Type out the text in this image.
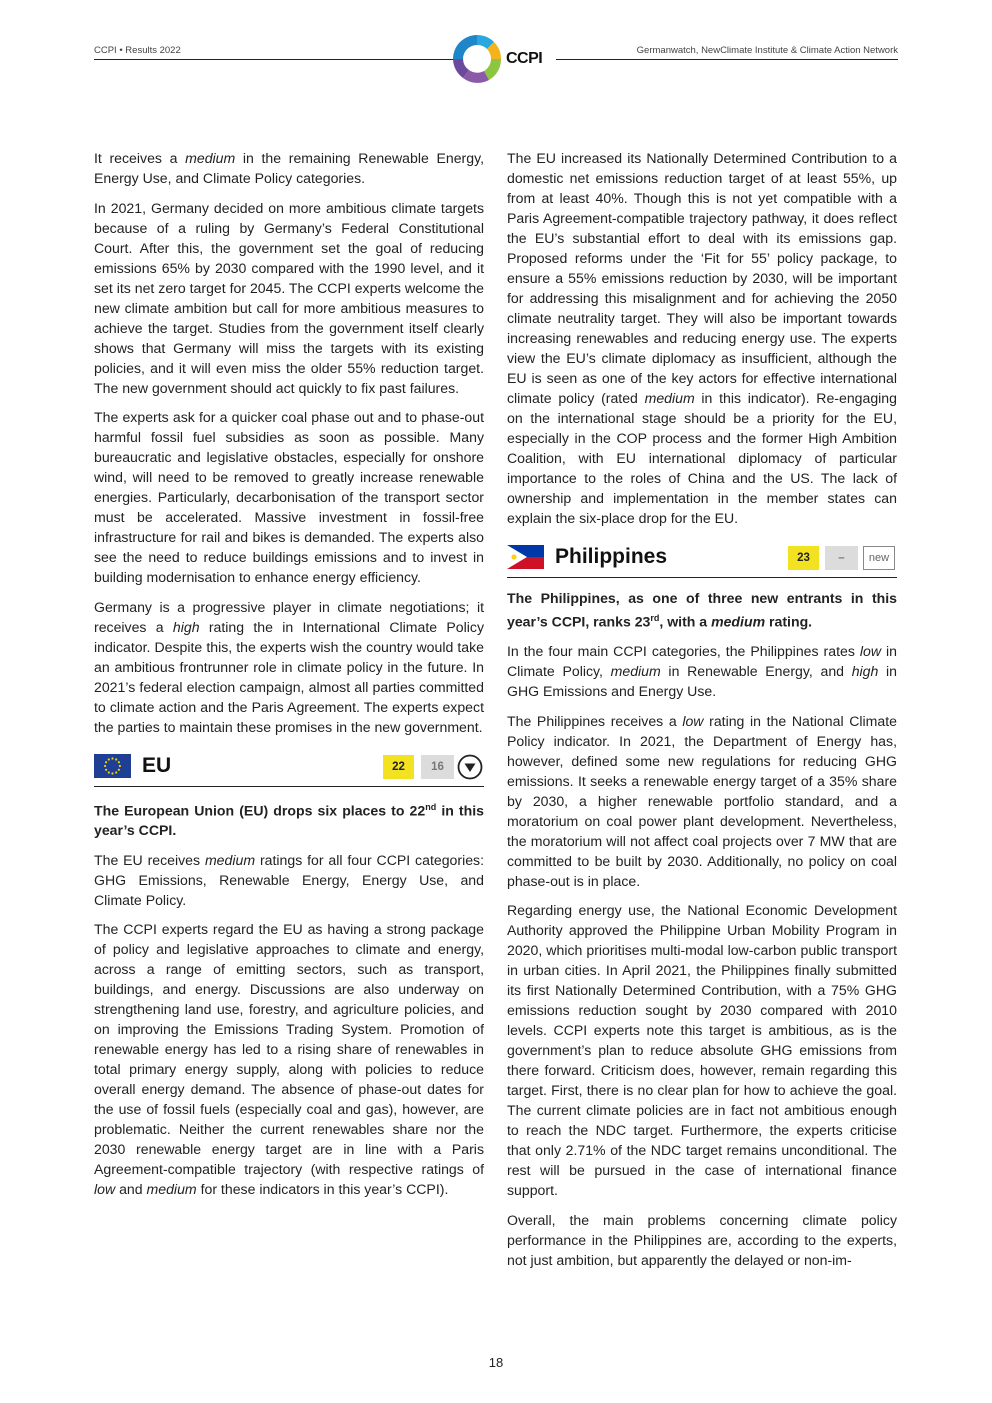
CCPI • Results 2022	Germanwatch, NewClimate Institute & Climate Action Network
CCPI

It receives a medium in the remaining Renewable Energy, Energy Use, and Climate Policy categories.

In 2021, Germany decided on more ambitious climate targets because of a ruling by Germany’s Federal Constitutional Court. After this, the government set the goal of reducing emissions 65% by 2030 compared with the 1990 level, and it set its net zero target for 2045. The CCPI experts welcome the new climate ambition but call for more ambitious measures to achieve the target. Studies from the government itself clearly shows that Germany will miss the targets with its existing policies, and it will even miss the older 55% reduction target. The new government should act quickly to fix past failures.

The experts ask for a quicker coal phase out and to phase-out harmful fossil fuel subsidies as soon as possible. Many bureaucratic and legislative obstacles, especially for onshore wind, will need to be removed to greatly increase renewable energies. Particularly, decarbonisation of the transport sector must be accelerated. Massive investment in fossil-free infrastructure for rail and bikes is demanded. The experts also see the need to reduce buildings emissions and to invest in building modernisation to enhance energy efficiency.

Germany is a progressive player in climate negotiations; it receives a high rating the in International Climate Policy indicator. Despite this, the experts wish the country would take an ambitious frontrunner role in climate policy in the future. In 2021’s federal election campaign, almost all parties committed to climate action and the Paris Agreement. The experts expect the parties to maintain these promises in the new government.

EU	22	16

The European Union (EU) drops six places to 22nd in this year’s CCPI.

The EU receives medium ratings for all four CCPI categories: GHG Emissions, Renewable Energy, Energy Use, and Climate Policy.

The CCPI experts regard the EU as having a strong package of policy and legislative approaches to climate and energy, across a range of emitting sectors, such as transport, buildings, and energy. Discussions are also underway on strengthening land use, forestry, and agriculture policies, and on improving the Emissions Trading System. Promotion of renewable energy has led to a rising share of renewables in total primary energy supply, along with policies to reduce overall energy demand. The absence of phase-out dates for the use of fossil fuels (especially coal and gas), however, are problematic. Neither the current renewables share nor the 2030 renewable energy target are in line with a Paris Agreement-compatible trajectory (with respective ratings of low and medium for these indicators in this year’s CCPI).

The EU increased its Nationally Determined Contribution to a domestic net emissions reduction target of at least 55%, up from at least 40%. Though this is not yet compatible with a Paris Agreement-compatible trajectory pathway, it does reflect the EU’s substantial effort to deal with its emissions gap. Proposed reforms under the ‘Fit for 55’ policy package, to ensure a 55% emissions reduction by 2030, will be important for addressing this misalignment and for achieving the 2050 climate neutrality target. They will also be important towards increasing renewables and reducing energy use. The experts view the EU’s climate diplomacy as insufficient, although the EU is seen as one of the key actors for effective international climate policy (rated medium in this indicator). Re-engaging on the international stage should be a priority for the EU, especially in the COP process and the former High Ambition Coalition, with EU international diplomacy of particular importance to the roles of China and the US. The lack of ownership and implementation in the member states can explain the six-place drop for the EU.

Philippines	23	–	new

The Philippines, as one of three new entrants in this year’s CCPI, ranks 23rd, with a medium rating.

In the four main CCPI categories, the Philippines rates low in Climate Policy, medium in Renewable Energy, and high in GHG Emissions and Energy Use.

The Philippines receives a low rating in the National Climate Policy indicator. In 2021, the Department of Energy has, however, defined some new regulations for reducing GHG emissions. It seeks a renewable energy target of a 35% share by 2030, a higher renewable portfolio standard, and a moratorium on coal power plant development. Nevertheless, the moratorium will not affect coal projects over 7 MW that are committed to be built by 2030. Additionally, no policy on coal phase-out is in place.

Regarding energy use, the National Economic Development Authority approved the Philippine Urban Mobility Program in 2020, which prioritises multi-modal low-carbon public transport in urban cities. In April 2021, the Philippines finally submitted its first Nationally Determined Contribution, with a 75% GHG emissions reduction sought by 2030 compared with 2010 levels. CCPI experts note this target is ambitious, as is the government’s plan to reduce absolute GHG emissions from there forward. Criticism does, however, remain regarding this target. First, there is no clear plan for how to achieve the goal. The current climate policies are in fact not ambitious enough to reach the NDC target. Furthermore, the experts criticise that only 2.71% of the NDC target remains unconditional. The rest will be pursued in the case of international finance support.

Overall, the main problems concerning climate policy performance in the Philippines are, according to the experts, not just ambition, but apparently the delayed or non-im-

18
